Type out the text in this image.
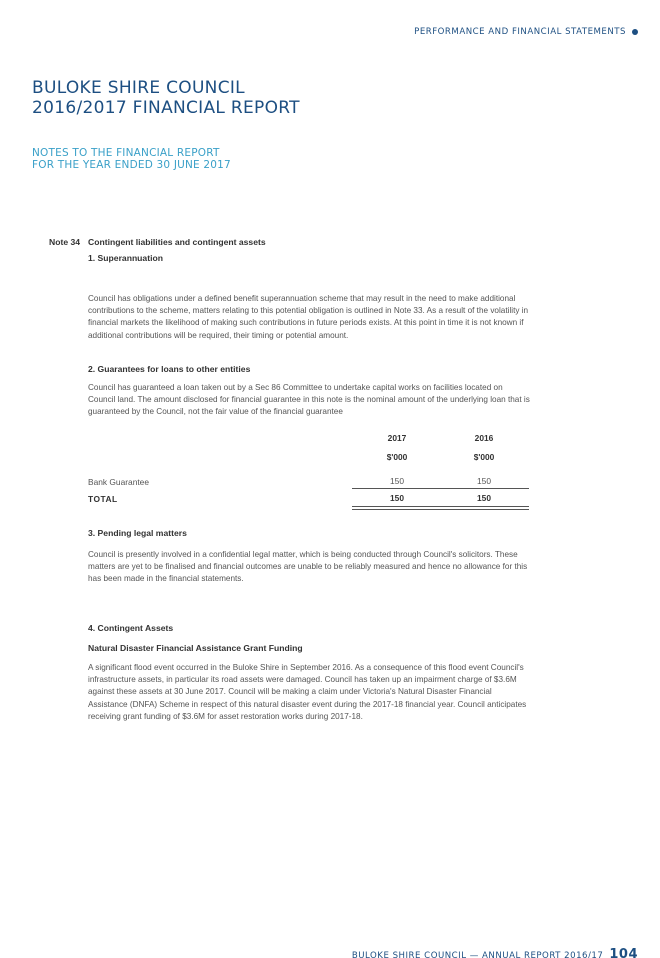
PERFORMANCE AND FINANCIAL STATEMENTS
BULOKE SHIRE COUNCIL
2016/2017 FINANCIAL REPORT
NOTES TO THE FINANCIAL REPORT
FOR THE YEAR ENDED 30 JUNE 2017
Note 34 Contingent liabilities and contingent assets
1. Superannuation
Council has obligations under a defined benefit superannuation scheme that may result in the need to make additional contributions to the scheme, matters relating to this potential obligation is outlined in Note 33. As a result of the volatility in financial markets the likelihood of making such contributions in future periods exists. At this point in time it is not known if additional contributions will be required, their timing or potential amount.
2. Guarantees for loans to other entities
Council has guaranteed a loan taken out by a Sec 86 Committee to undertake capital works on facilities located on Council land. The amount disclosed for financial guarantee in this note is the nominal amount of the underlying loan that is guaranteed by the Council, not the fair value of the financial guarantee
2017	2016
$'000	$'000
Bank Guarantee	150	150
TOTAL	150	150
3. Pending legal matters
Council is presently involved in a confidential legal matter, which is being conducted through Council's solicitors. These matters are yet to be finalised and financial outcomes are unable to be reliably measured and hence no allowance for this has been made in the financial statements.
4. Contingent Assets
Natural Disaster Financial Assistance Grant Funding
A significant flood event occurred in the Buloke Shire in September 2016. As a consequence of this flood event Council's infrastructure assets, in particular its road assets were damaged. Council has taken up an impairment charge of $3.6M against these assets at 30 June 2017. Council will be making a claim under Victoria's Natural Disaster Financial Assistance (DNFA) Scheme in respect of this natural disaster event during the 2017-18 financial year. Council anticipates receiving grant funding of $3.6M for asset restoration works during 2017-18.
BULOKE SHIRE COUNCIL — ANNUAL REPORT 2016/17 104
